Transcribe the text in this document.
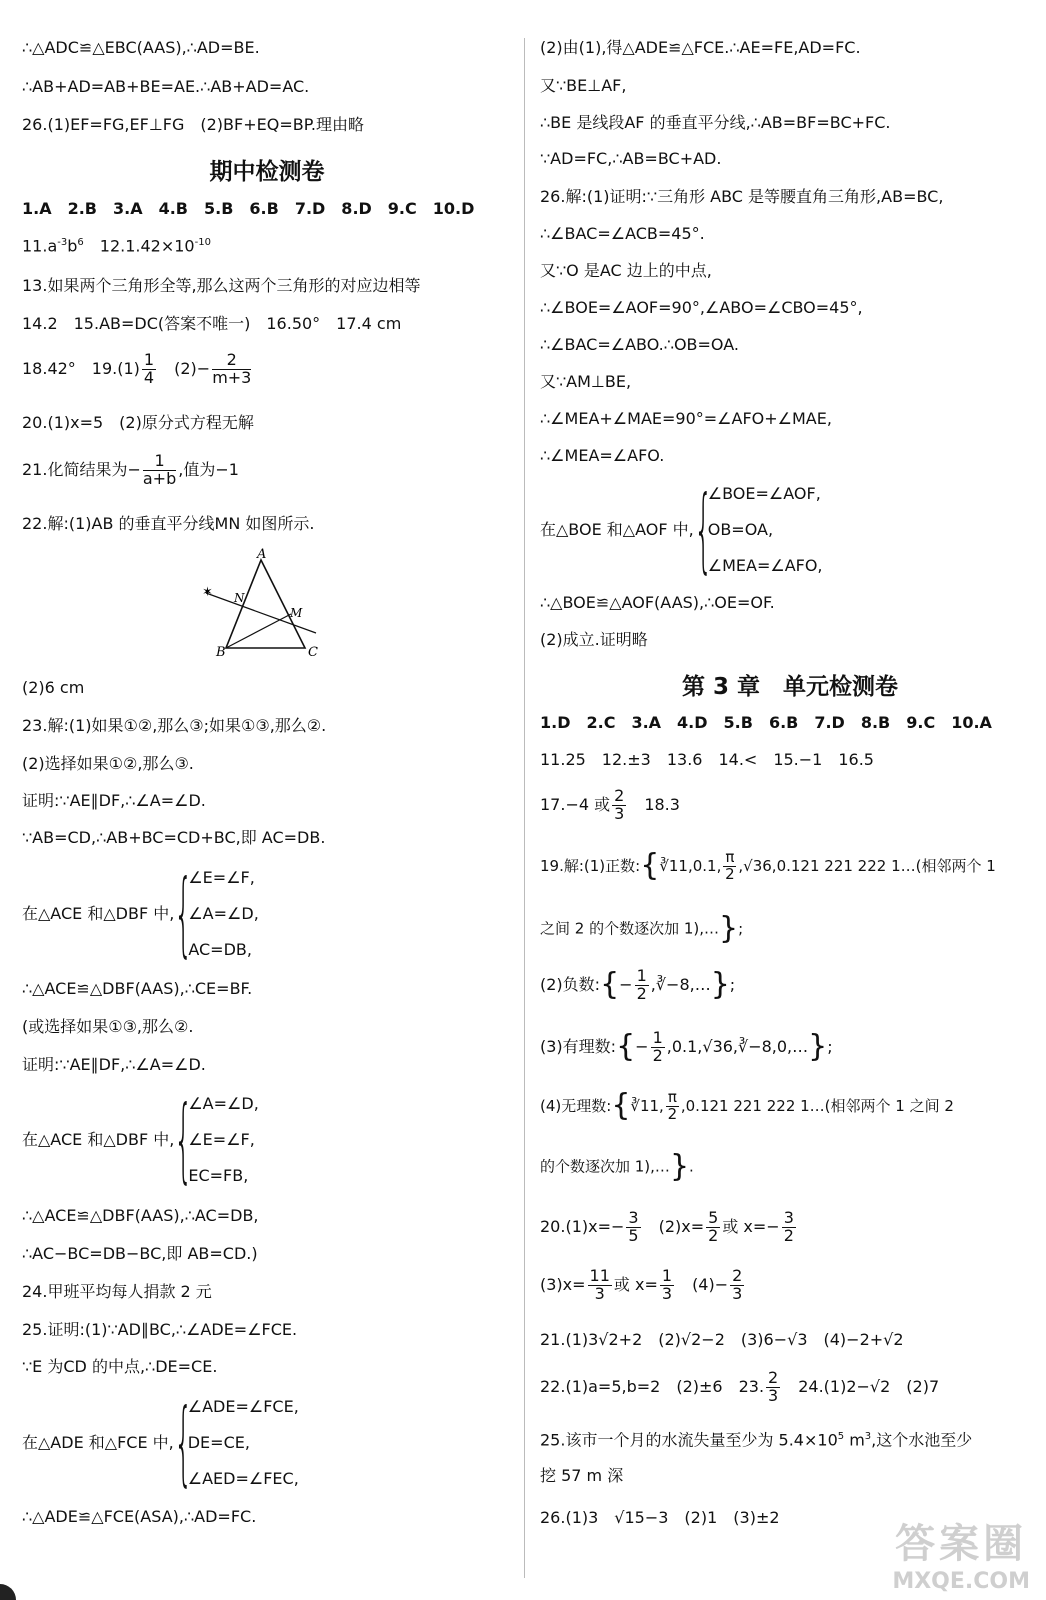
∴△ADC≌△EBC(AAS),∴AD=BE.
∴AB+AD=AB+BE=AE.∴AB+AD=AC.
26.(1)EF=FG,EF⊥FG　(2)BF+EQ=BP.理由略
期中检测卷
1.A　2.B　3.A　4.B　5.B　6.B　7.D　8.D　9.C　10.D
$11.a^{-3}b^6$　$12.1.42\times 10^{-10}$
13.如果两个三角形全等,那么这两个三角形的对应边相等
14.2　15.AB=DC(答案不唯一)　16.50°　17.4 cm
18.42°　$19.(1) \frac{1}{4}$ 　$(2)- \frac{2}{m+3}$
20.(1)x=5　(2)原分式方程无解
21.化简结果为− $\frac{1}{a+b}$ ,值为−1
22.解:(1)AB 的垂直平分线MN 如图所示.
(2)6 cm
23.解:(1)如果①②,那么③;如果①③,那么②.
(2)选择如果①②,那么③.
证明:∵AE∥DF,∴∠A=∠D.
∵AB=CD,∴AB+BC=CD+BC,即 AC=DB.
在△ACE 和△DBF 中,{
∠E=∠F,
∠A=∠D,
AC=DB,
∴△ACE≌△DBF(AAS),∴CE=BF.
(或选择如果①③,那么②.
证明:∵AE∥DF,∴∠A=∠D.
在△ACE 和△DBF 中,{
∠A=∠D,
∠E=∠F,
EC=FB,
∴△ACE≌△DBF(AAS),∴AC=DB,
∴AC−BC=DB−BC,即 AB=CD.)
24.甲班平均每人捐款 2 元
25.证明:(1)∵AD∥BC,∴∠ADE=∠FCE.
∵E 为CD 的中点,∴DE=CE.
在△ADE 和△FCE 中,{
∠ADE=∠FCE,
DE=CE,
∠AED=∠FEC,
∴△ADE≌△FCE(ASA),∴AD=FC.
✶
A
B	C
N
M
(2)由(1),得△ADE≌△FCE.∴AE=FE,AD=FC.
又∵BE⊥AF,
∴BE 是线段AF 的垂直平分线,∴AB=BF=BC+FC.
∵AD=FC,∴AB=BC+AD.
26.解:(1)证明:∵三角形 ABC 是等腰直角三角形,AB=BC,
∴∠BAC=∠ACB=45°.
又∵O 是AC 边上的中点,
∴∠BOE=∠AOF=90°,∠ABO=∠CBO=45°,
∴∠BAC=∠ABO.∴OB=OA.
又∵AM⊥BE,
∴∠MEA+∠MAE=90°=∠AFO+∠MAE,
∴∠MEA=∠AFO.
在△BOE 和△AOF 中,{
∠BOE=∠AOF,
OB=OA,
∠MEA=∠AFO,
∴△BOE≌△AOF(AAS),∴OE=OF.
(2)成立.证明略
第 3 章　单元检测卷
1.D　2.C　3.A　4.D　5.B　6.B　7.D　8.B　9.C　10.A
11.25　12.±3　13.6　14.<　15.−1　16.5
17.−4 或 $\frac{2}{3}$ 　18.3
19.解:(1)正数:{∛11,0.1, $\frac{\pi}{2} ,√36,0.121$ 221 222 1…(相邻两个 1
之间 2 的个数逐次加 1),…};
(2)负数:{− $\frac{1}{2}$ ,∛−8,…};
(3)有理数:{− $\frac{1}{2}$ ,0.1,√36,∛−8,0,…};
(4)无理数:{∛11, $\frac{\pi}{2} ,0.121$ 221 222 1…(相邻两个 1 之间 2
的个数逐次加 1),…}.
$20.(1)x=- \frac{3}{5}$ 　$(2)x= \frac{5}{2}$ 或 $x=- \frac{3}{2}$
$(3)x= \frac{11}{3}$ 或 $x= \frac{1}{3}$ 　$(4)- \frac{2}{3}$
21.(1)3√2+2　(2)√2−2　(3)6−√3　(4)−2+√2
22.(1)a=5,b=2　(2)±6　23. $\frac{2}{3}$ 　24.(1)2−√2　(2)7
25.该市一个月的水流失量至少为 $5.4\times 10^5$ $m^3$,这个水池至少
挖 57 m 深
26.(1)3　√15−3　(2)1　(3)±2
答案圈
MXQE.COM
